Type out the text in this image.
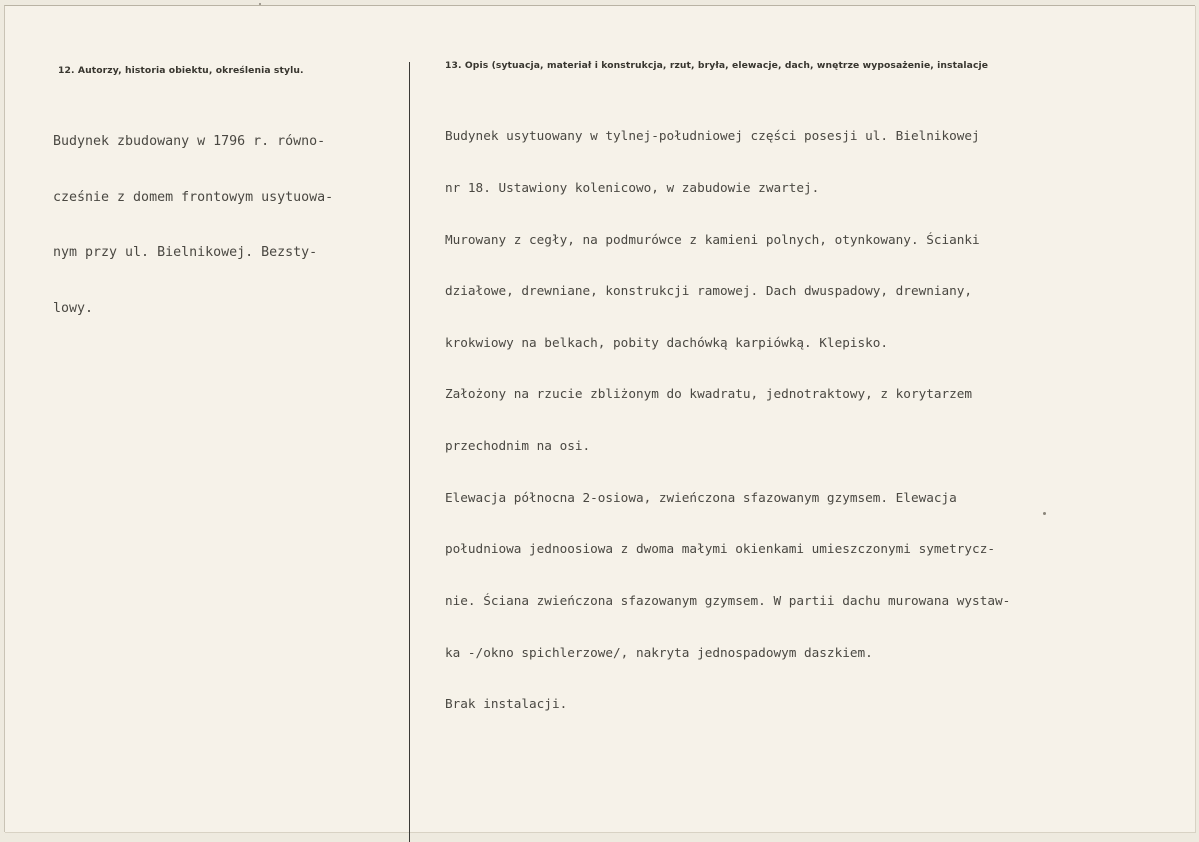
12. Autorzy, historia obiektu, określenia stylu.	13. Opis (sytuacja, materiał i konstrukcja, rzut, bryła, elewacje, dach, wnętrze wyposażenie, instalacje

Budynek zbudowany w 1796 r. równo-

cześnie z domem frontowym usytuowa-

nym przy ul. Bielnikowej. Bezsty-

lowy.

Budynek usytuowany w tylnej-południowej części posesji ul. Bielnikowej

nr 18. Ustawiony kolenicowo, w zabudowie zwartej.

Murowany z cegły, na podmurówce z kamieni polnych, otynkowany. Ścianki

działowe, drewniane, konstrukcji ramowej. Dach dwuspadowy, drewniany,

krokwiowy na belkach, pobity dachówką karpiówką. Klepisko.

Założony na rzucie zbliżonym do kwadratu, jednotraktowy, z korytarzem

przechodnim na osi.

Elewacja północna 2-osiowa, zwieńczona sfazowanym gzymsem. Elewacja

południowa jednoosiowa z dwoma małymi okienkami umieszczonymi symetrycz-

nie. Ściana zwieńczona sfazowanym gzymsem. W partii dachu murowana wystaw-

ka -/okno spichlerzowe/, nakryta jednospadowym daszkiem.

Brak instalacji.
